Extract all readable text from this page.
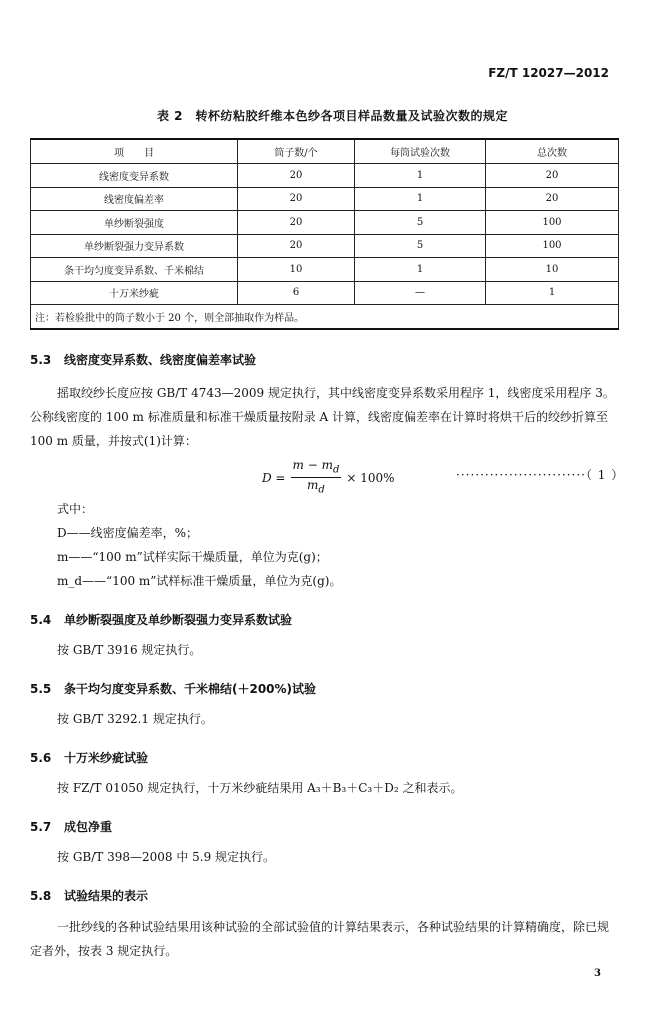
FZ/T 12027—2012
表 2　转杯纺粘胶纤维本色纱各项目样品数量及试验次数的规定
项　　目	筒子数/个	每筒试验次数	总次数
线密度变异系数	20	1	20
线密度偏差率	20	1	20
单纱断裂强度	20	5	100
单纱断裂强力变异系数	20	5	100
条干均匀度变异系数、千米棉结	10	1	10
十万米纱疵	6	—	1
注：若检验批中的筒子数小于 20 个，则全部抽取作为样品。			
5.3 线密度变异系数、线密度偏差率试验
摇取绞纱长度应按 GB/T 4743—2009 规定执行，其中线密度变异系数采用程序 1，线密度采用程序 3。公称线密度的 100 m 标准质量和标准干燥质量按附录 A 计算，线密度偏差率在计算时将烘干后的绞纱折算至 100 m 质量，并按式(1)计算：
$D = \frac{m - m_d}{m_d} \times 100\%$	···························（ 1 ）
式中：
D——线密度偏差率，%；
m——“100 m”试样实际干燥质量，单位为克(g)；
m_d——“100 m”试样标准干燥质量，单位为克(g)。
5.4 单纱断裂强度及单纱断裂强力变异系数试验
按 GB/T 3916 规定执行。
5.5 条干均匀度变异系数、千米棉结(＋200%)试验
按 GB/T 3292.1 规定执行。
5.6 十万米纱疵试验
按 FZ/T 01050 规定执行，十万米纱疵结果用 A₃＋B₃＋C₃＋D₂ 之和表示。
5.7 成包净重
按 GB/T 398—2008 中 5.9 规定执行。
5.8 试验结果的表示
一批纱线的各种试验结果用该种试验的全部试验值的计算结果表示，各种试验结果的计算精确度，除已规定者外，按表 3 规定执行。
3
